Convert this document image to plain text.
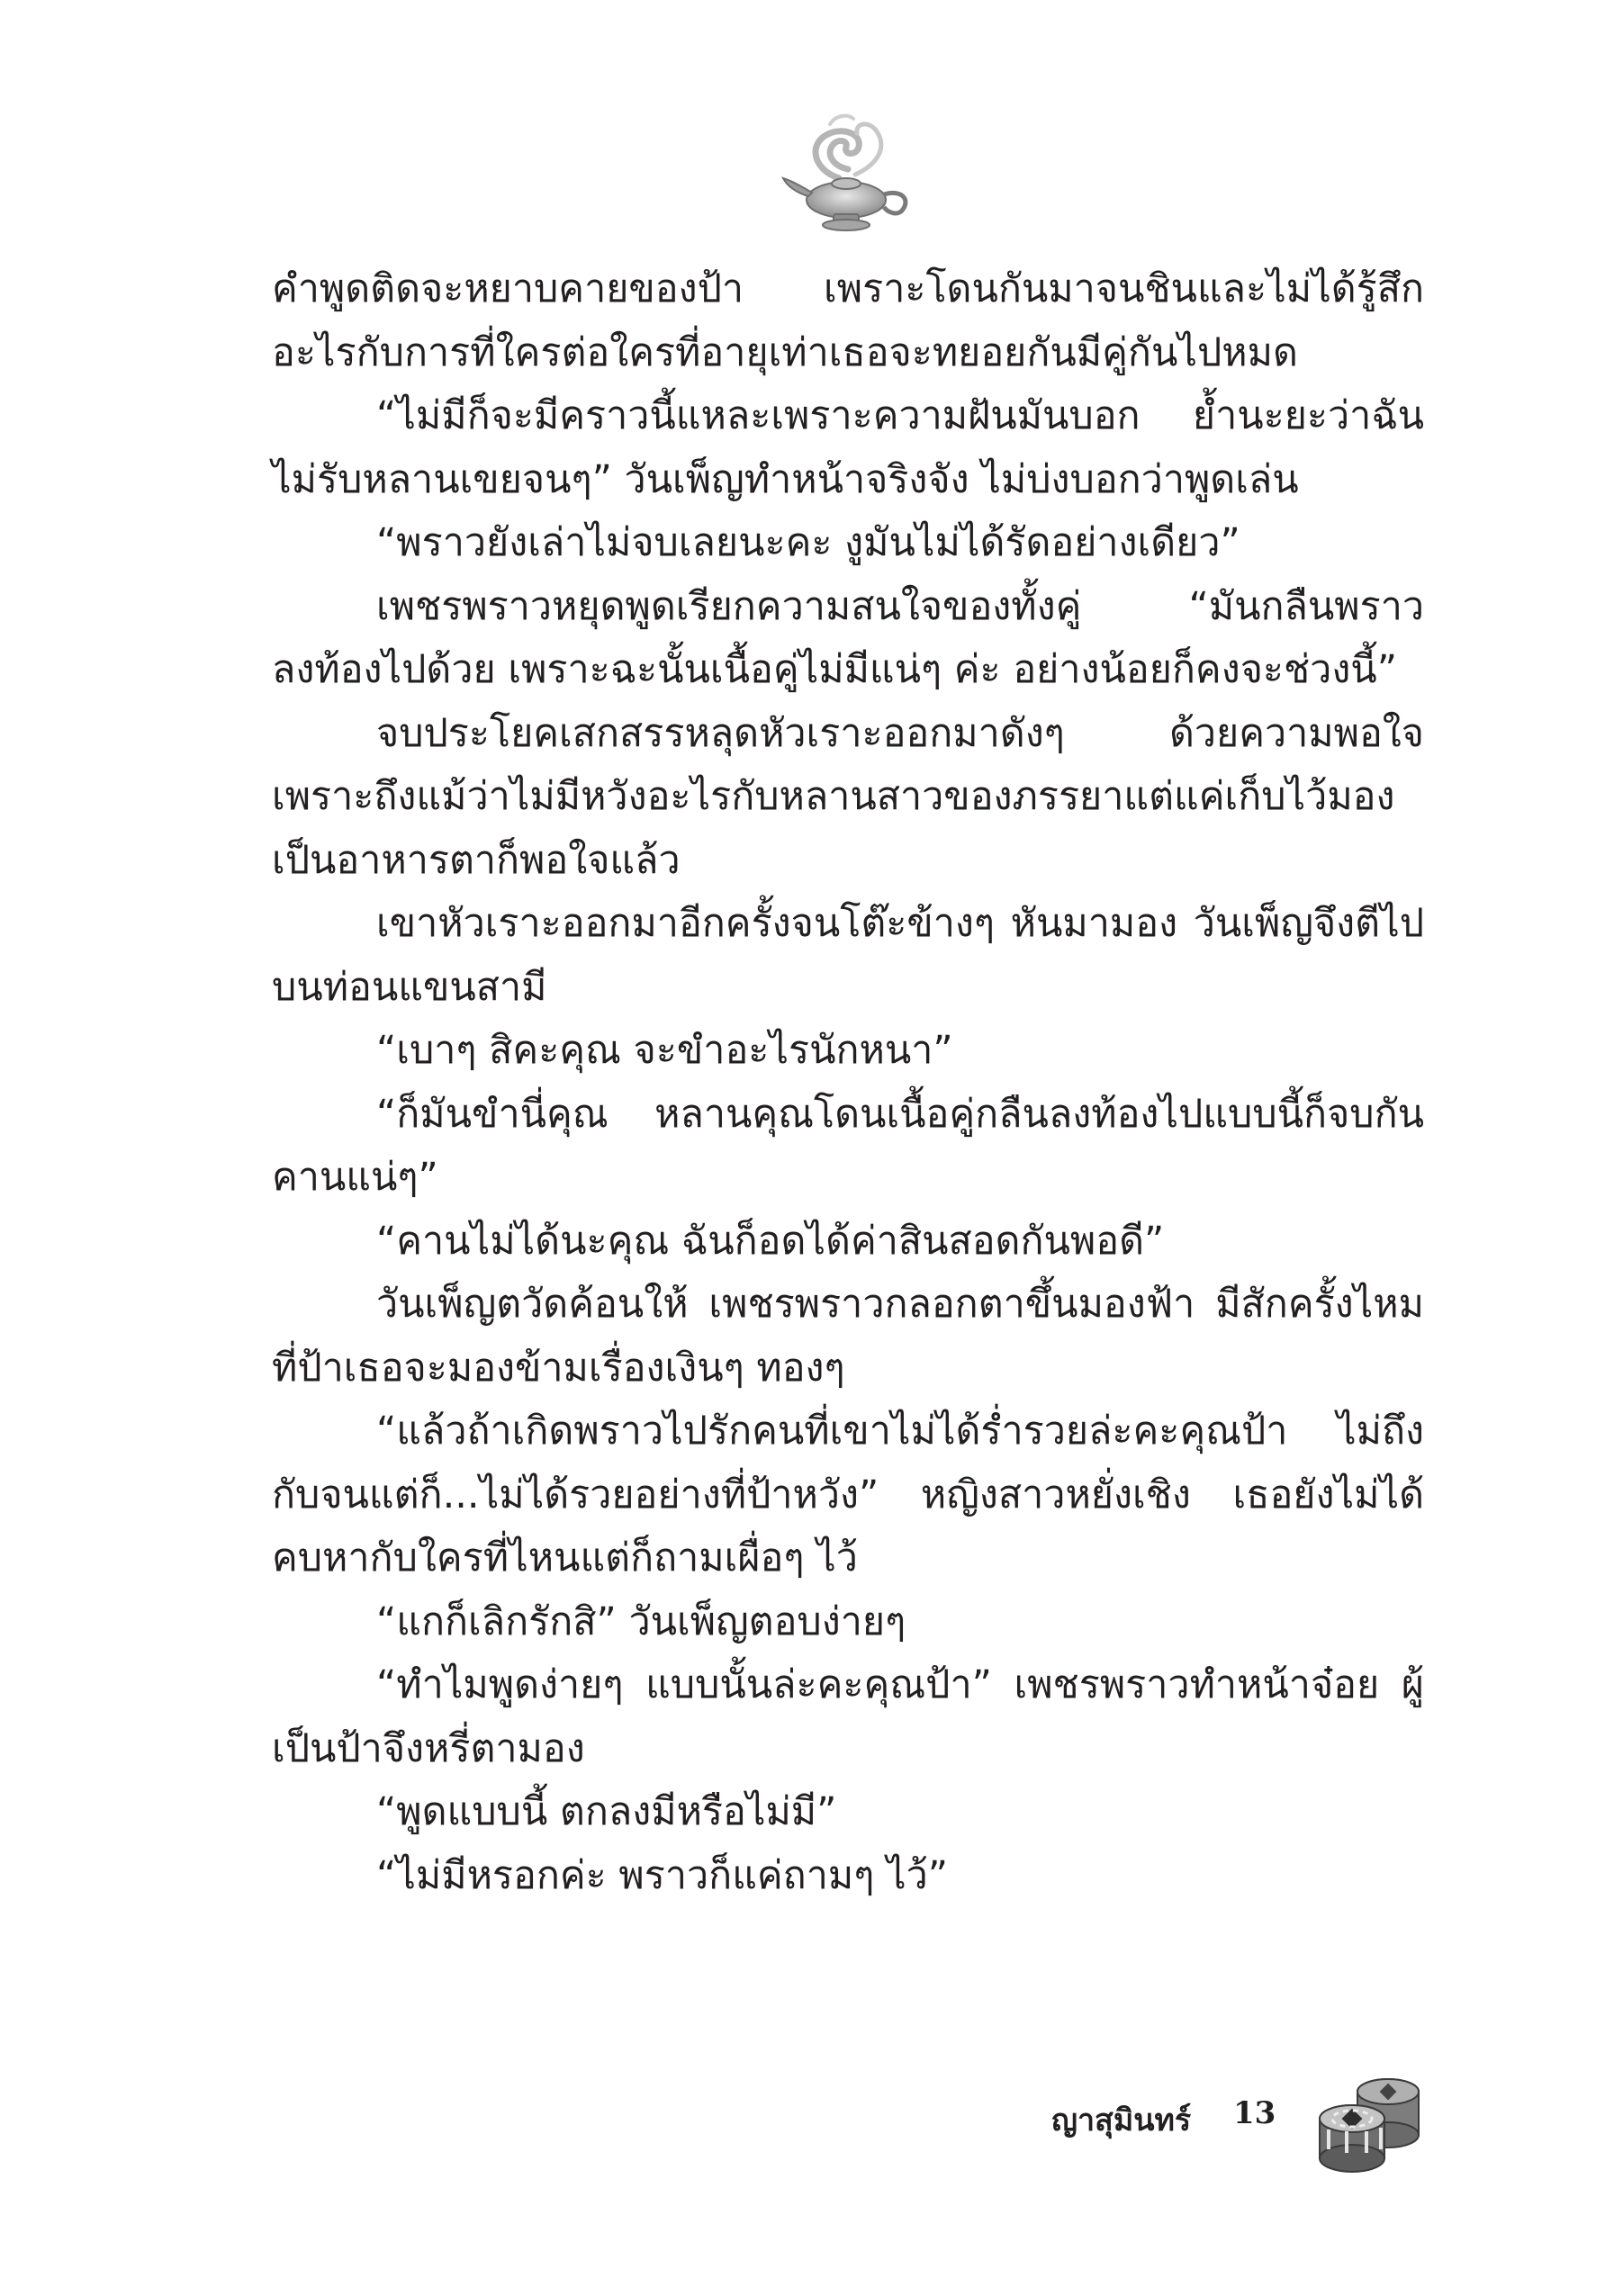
คำพูดติดจะหยาบคายของป้า เพราะโดนกันมาจนชินและไม่ได้รู้สึกอะไรกับการที่ใครต่อใครที่อายุเท่าเธอจะทยอยกันมีคู่กันไปหมด

“ไม่มีก็จะมีคราวนี้แหละเพราะความฝันมันบอก ย้ำนะยะว่าฉันไม่รับหลานเขยจนๆ” วันเพ็ญทำหน้าจริงจัง ไม่บ่งบอกว่าพูดเล่น

“พราวยังเล่าไม่จบเลยนะคะ งูมันไม่ได้รัดอย่างเดียว”

เพชรพราวหยุดพูดเรียกความสนใจของทั้งคู่ “มันกลืนพราวลงท้องไปด้วย เพราะฉะนั้นเนื้อคู่ไม่มีแน่ๆ ค่ะ อย่างน้อยก็คงจะช่วงนี้”

จบประโยคเสกสรรหลุดหัวเราะออกมาดังๆ ด้วยความพอใจ เพราะถึงแม้ว่าไม่มีหวังอะไรกับหลานสาวของภรรยาแต่แค่เก็บไว้มองเป็นอาหารตาก็พอใจแล้ว

เขาหัวเราะออกมาอีกครั้งจนโต๊ะข้างๆ หันมามอง วันเพ็ญจึงตีไปบนท่อนแขนสามี

“เบาๆ สิคะคุณ จะขำอะไรนักหนา”

“ก็มันขำนี่คุณ หลานคุณโดนเนื้อคู่กลืนลงท้องไปแบบนี้ก็จบกันคานแน่ๆ”

“คานไม่ได้นะคุณ ฉันก็อดได้ค่าสินสอดกันพอดี”

วันเพ็ญตวัดค้อนให้ เพชรพราวกลอกตาขึ้นมองฟ้า มีสักครั้งไหมที่ป้าเธอจะมองข้ามเรื่องเงินๆ ทองๆ

“แล้วถ้าเกิดพราวไปรักคนที่เขาไม่ได้ร่ำรวยล่ะคะคุณป้า ไม่ถึงกับจนแต่ก็...ไม่ได้รวยอย่างที่ป้าหวัง” หญิงสาวหยั่งเชิง เธอยังไม่ได้คบหากับใครที่ไหนแต่ก็ถามเผื่อๆ ไว้

“แกก็เลิกรักสิ” วันเพ็ญตอบง่ายๆ

“ทำไมพูดง่ายๆ แบบนั้นล่ะคะคุณป้า” เพชรพราวทำหน้าจ๋อย ผู้เป็นป้าจึงหรี่ตามอง

“พูดแบบนี้ ตกลงมีหรือไม่มี”

“ไม่มีหรอกค่ะ พราวก็แค่ถามๆ ไว้”

ญาสุมินทร์ 13
